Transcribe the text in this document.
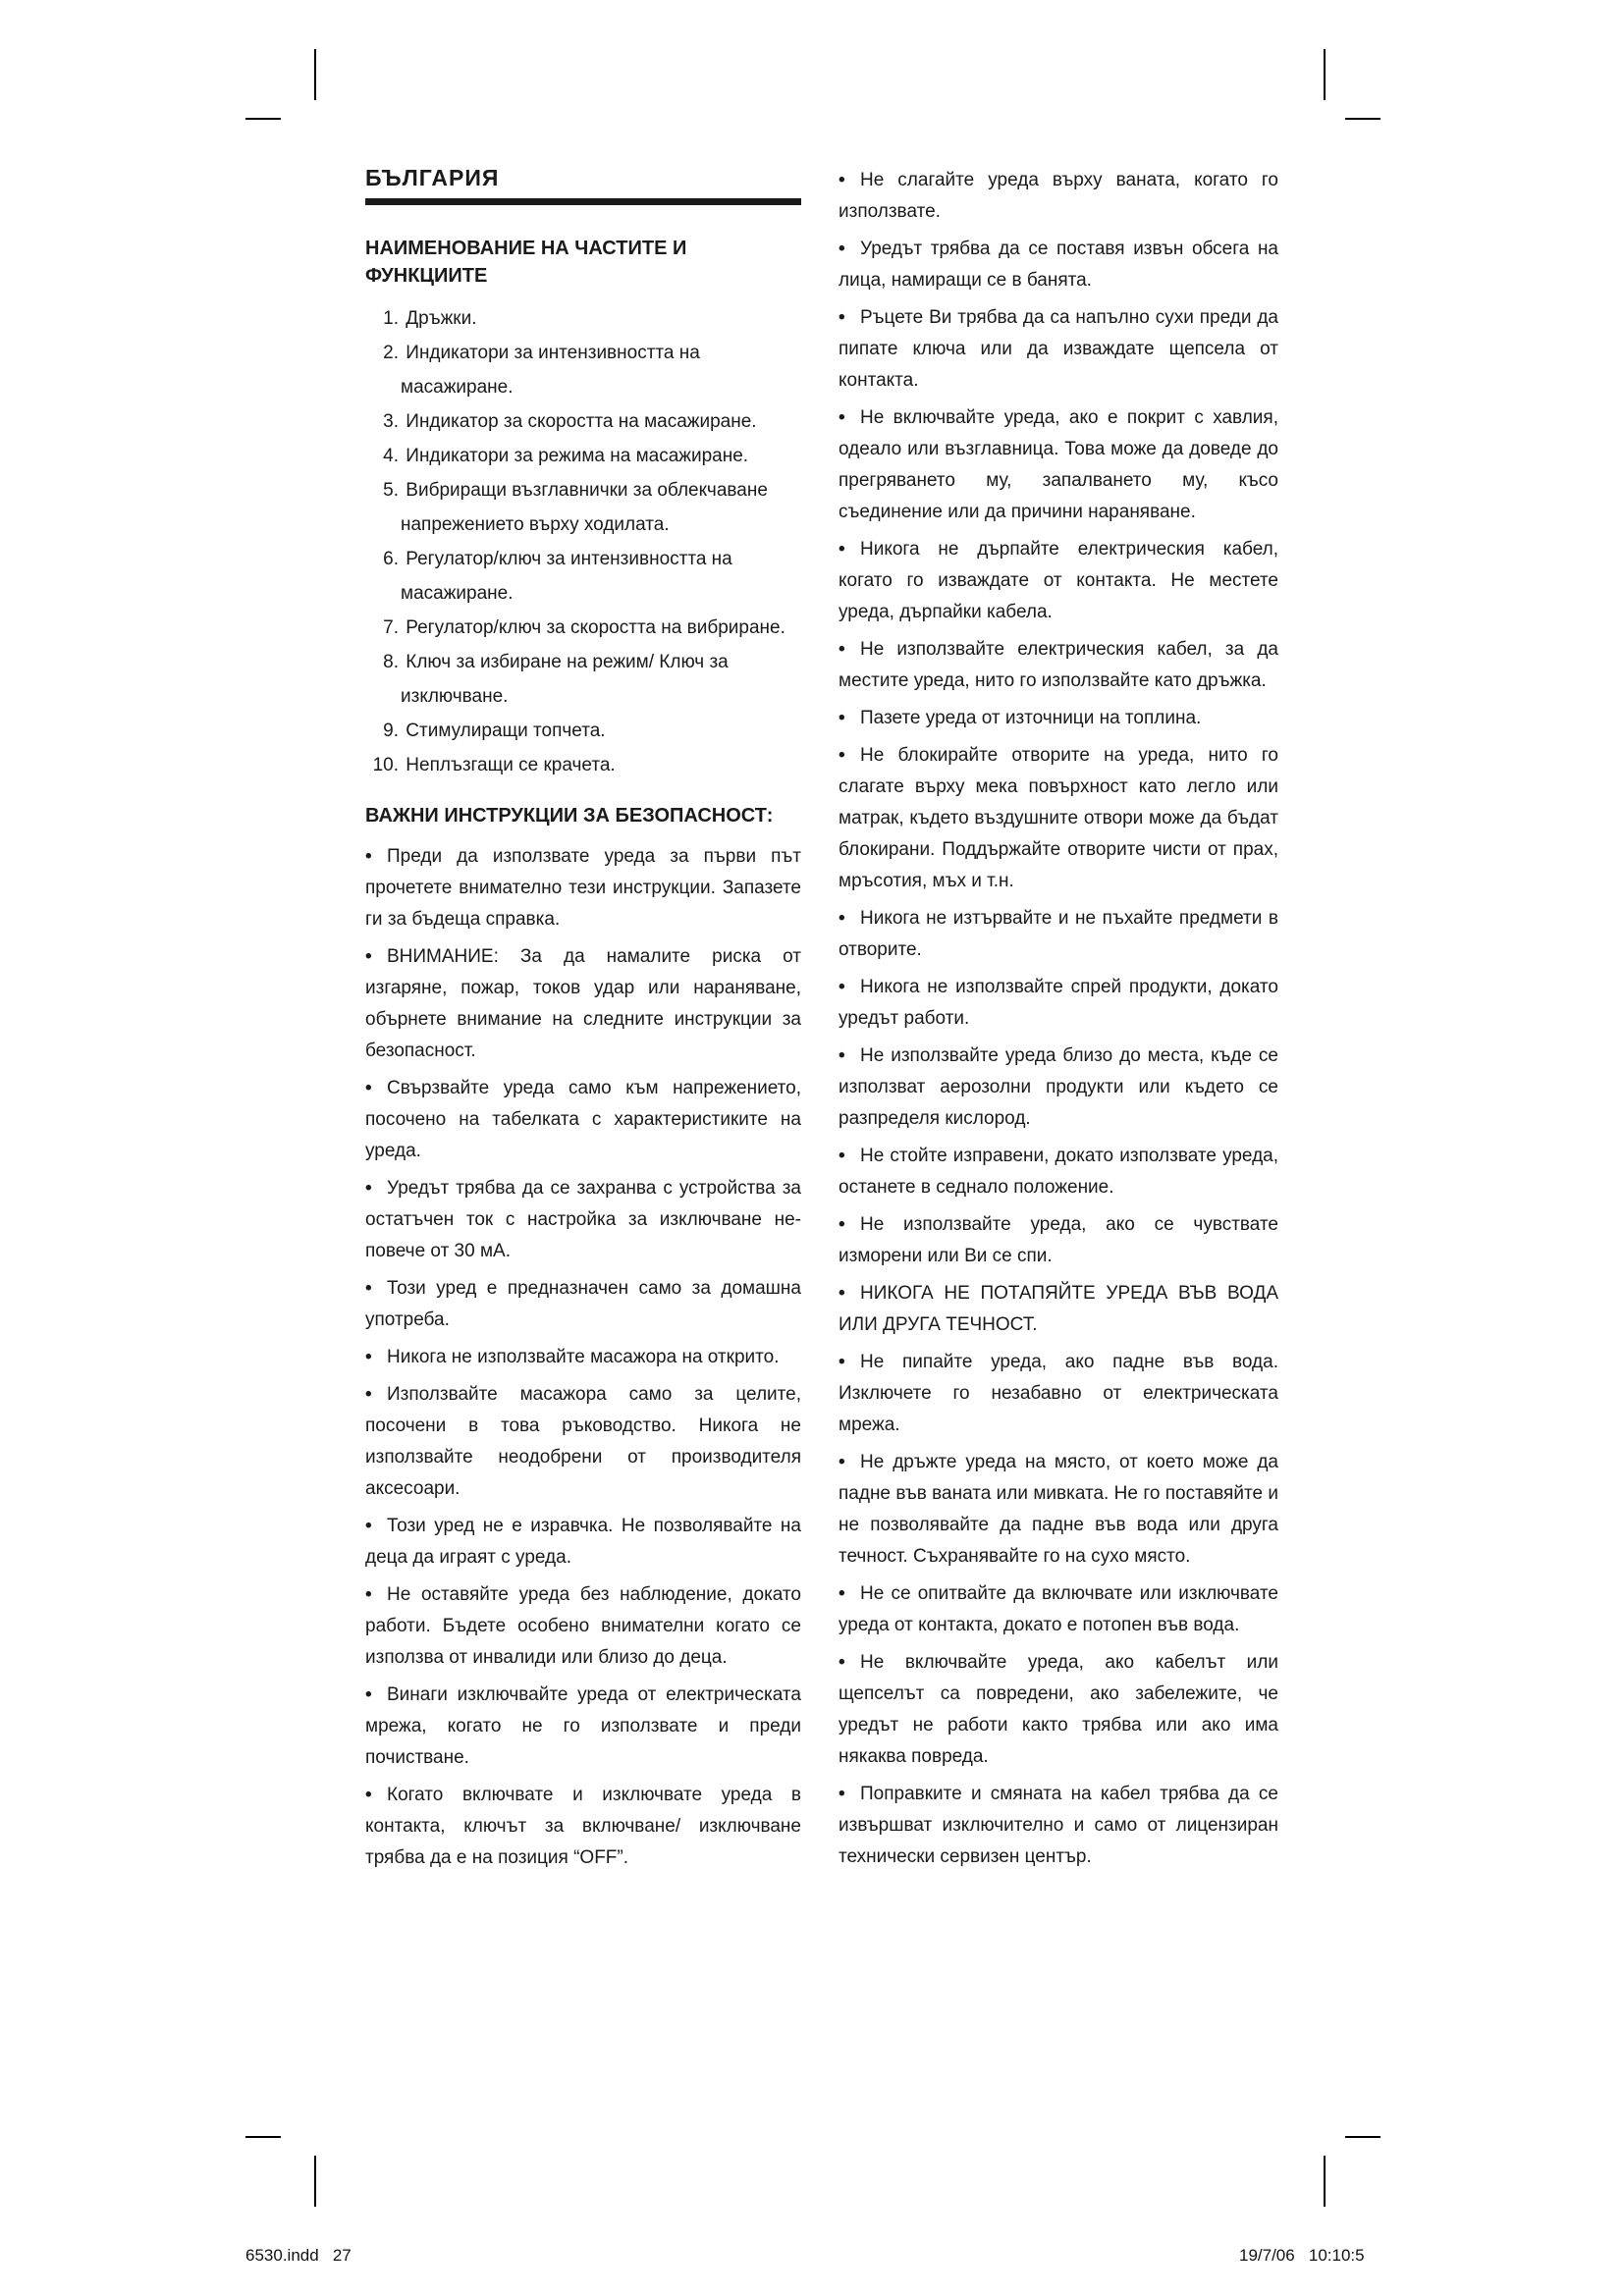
БЪЛГАРИЯ
НАИМЕНОВАНИЕ НА ЧАСТИТЕ И ФУНКЦИИТЕ
1. Дръжки.
2. Индикатори за интензивността на масажиране.
3. Индикатор за скоростта на масажиране.
4. Индикатори за режима на масажиране.
5. Вибриращи възглавнички за облекчаване напрежението върху ходилата.
6. Регулатор/ключ за интензивността на масажиране.
7. Регулатор/ключ за скоростта на вибриране.
8. Ключ за избиране на режим/ Ключ за изключване.
9. Стимулиращи топчета.
10. Неплъзгащи се крачета.
ВАЖНИ ИНСТРУКЦИИ ЗА БЕЗОПАСНОСТ:
• Преди да използвате уреда за първи път прочетете внимателно тези инструкции. Запазете ги за бъдеща справка.
• ВНИМАНИЕ: За да намалите риска от изгаряне, пожар, токов удар или нараняване, обърнете внимание на следните инструкции за безопасност.
• Свързвайте уреда само към напрежението, посочено на табелката с характеристиките на уреда.
• Уредът трябва да се захранва с устройства за остатъчен ток с настройка за изключване не-повече от 30 мА.
• Този уред е предназначен само за домашна употреба.
• Никога не използвайте масажора на открито.
• Използвайте масажора само за целите, посочени в това ръководство. Никога не използвайте неодобрени от производителя аксесоари.
• Този уред не е изравчка. Не позволявайте на деца да играят с уреда.
• Не оставяйте уреда без наблюдение, докато работи. Бъдете особено внимателни когато се използва от инвалиди или близо до деца.
• Винаги изключвайте уреда от електрическата мрежа, когато не го използвате и преди почистване.
• Когато включвате и изключвате уреда в контакта, ключът за включване/ изключване трябва да е на позиция “OFF”.
• Не слагайте уреда върху ваната, когато го използвате.
• Уредът трябва да се поставя извън обсега на лица, намиращи се в банята.
• Ръцете Ви трябва да са напълно сухи преди да пипате ключа или да изваждате щепсела от контакта.
• Не включвайте уреда, ако е покрит с хавлия, одеало или възглавница. Това може да доведе до прегряването му, запалването му, късо съединение или да причини нараняване.
• Никога не дърпайте електрическия кабел, когато го изваждате от контакта. Не местете уреда, дърпайки кабела.
• Не използвайте електрическия кабел, за да местите уреда, нито го използвайте като дръжка.
• Пазете уреда от източници на топлина.
• Не блокирайте отворите на уреда, нито го слагате върху мека повърхност като легло или матрак, където въздушните отвори може да бъдат блокирани. Поддържайте отворите чисти от прах, мръсотия, мъх и т.н.
• Никога не изтървайте и не пъхайте предмети в отворите.
• Никога не използвайте спрей продукти, докато уредът работи.
• Не използвайте уреда близо до места, къде се използват аерозолни продукти или където се разпределя кислород.
• Не стойте изправени, докато използвате уреда, останете в седнало положение.
• Не използвайте уреда, ако се чувствате изморени или Ви се спи.
• НИКОГА НЕ ПОТАПЯЙТЕ УРЕДА ВЪВ ВОДА ИЛИ ДРУГА ТЕЧНОСТ.
• Не пипайте уреда, ако падне във вода. Изключете го незабавно от електрическата мрежа.
• Не дръжте уреда на място, от което може да падне във ваната или мивката. Не го поставяйте и не позволявайте да падне във вода или друга течност. Съхранявайте го на сухо място.
• Не се опитвайте да включвате или изключвате уреда от контакта, докато е потопен във вода.
• Не включвайте уреда, ако кабелът или щепселът са повредени, ако забележите, че уредът не работи както трябва или ако има някаква повреда.
• Поправките и смяната на кабел трябва да се извършват изключително и само от лицензиран технически сервизен център.
6530.indd   27	19/7/06   10:10:5
